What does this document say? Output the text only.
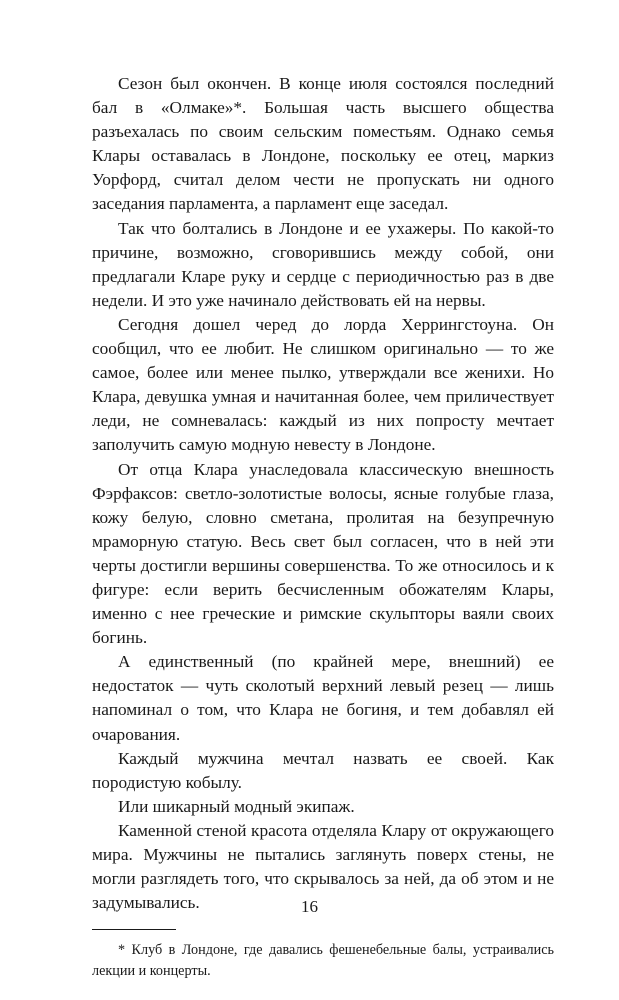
Сезон был окончен. В конце июля состоялся последний бал в «Олмаке»*. Большая часть высшего общества разъехалась по своим сельским поместьям. Однако семья Клары оставалась в Лондоне, поскольку ее отец, маркиз Уорфорд, считал делом чести не пропускать ни одного заседания парламента, а парламент еще заседал.

Так что болтались в Лондоне и ее ухажеры. По какой-то причине, возможно, сговорившись между собой, они предлагали Кларе руку и сердце с периодичностью раз в две недели. И это уже начинало действовать ей на нервы.

Сегодня дошел черед до лорда Херрингстоуна. Он сообщил, что ее любит. Не слишком оригинально — то же самое, более или менее пылко, утверждали все женихи. Но Клара, девушка умная и начитанная более, чем приличествует леди, не сомневалась: каждый из них попростy мечтает заполучить самую модную невесту в Лондоне.

От отца Клара унаследовала классическую внешность Фэрфаксов: светло-золотистые волосы, ясные голубые глаза, кожу белую, словно сметана, пролитая на безупречную мраморную статую. Весь свет был согласен, что в ней эти черты достигли вершины совершенства. То же относилось и к фигуре: если верить бесчисленным обожателям Клары, именно с нее греческие и римские скульпторы ваяли своих богинь.

А единственный (по крайней мере, внешний) ее недостаток — чуть сколотый верхний левый резец — лишь напоминал о том, что Клара не богиня, и тем добавлял ей очарования.

Каждый мужчина мечтал назвать ее своей. Как породистую кобылу.

Или шикарный модный экипаж.

Каменной стеной красота отделяла Клару от окружающего мира. Мужчины не пытались заглянуть поверх стены, не могли разглядеть того, что скрывалось за ней, да об этом и не задумывались.

* Клуб в Лондоне, где давались фешенебельные балы, устраивались лекции и концерты.

16
